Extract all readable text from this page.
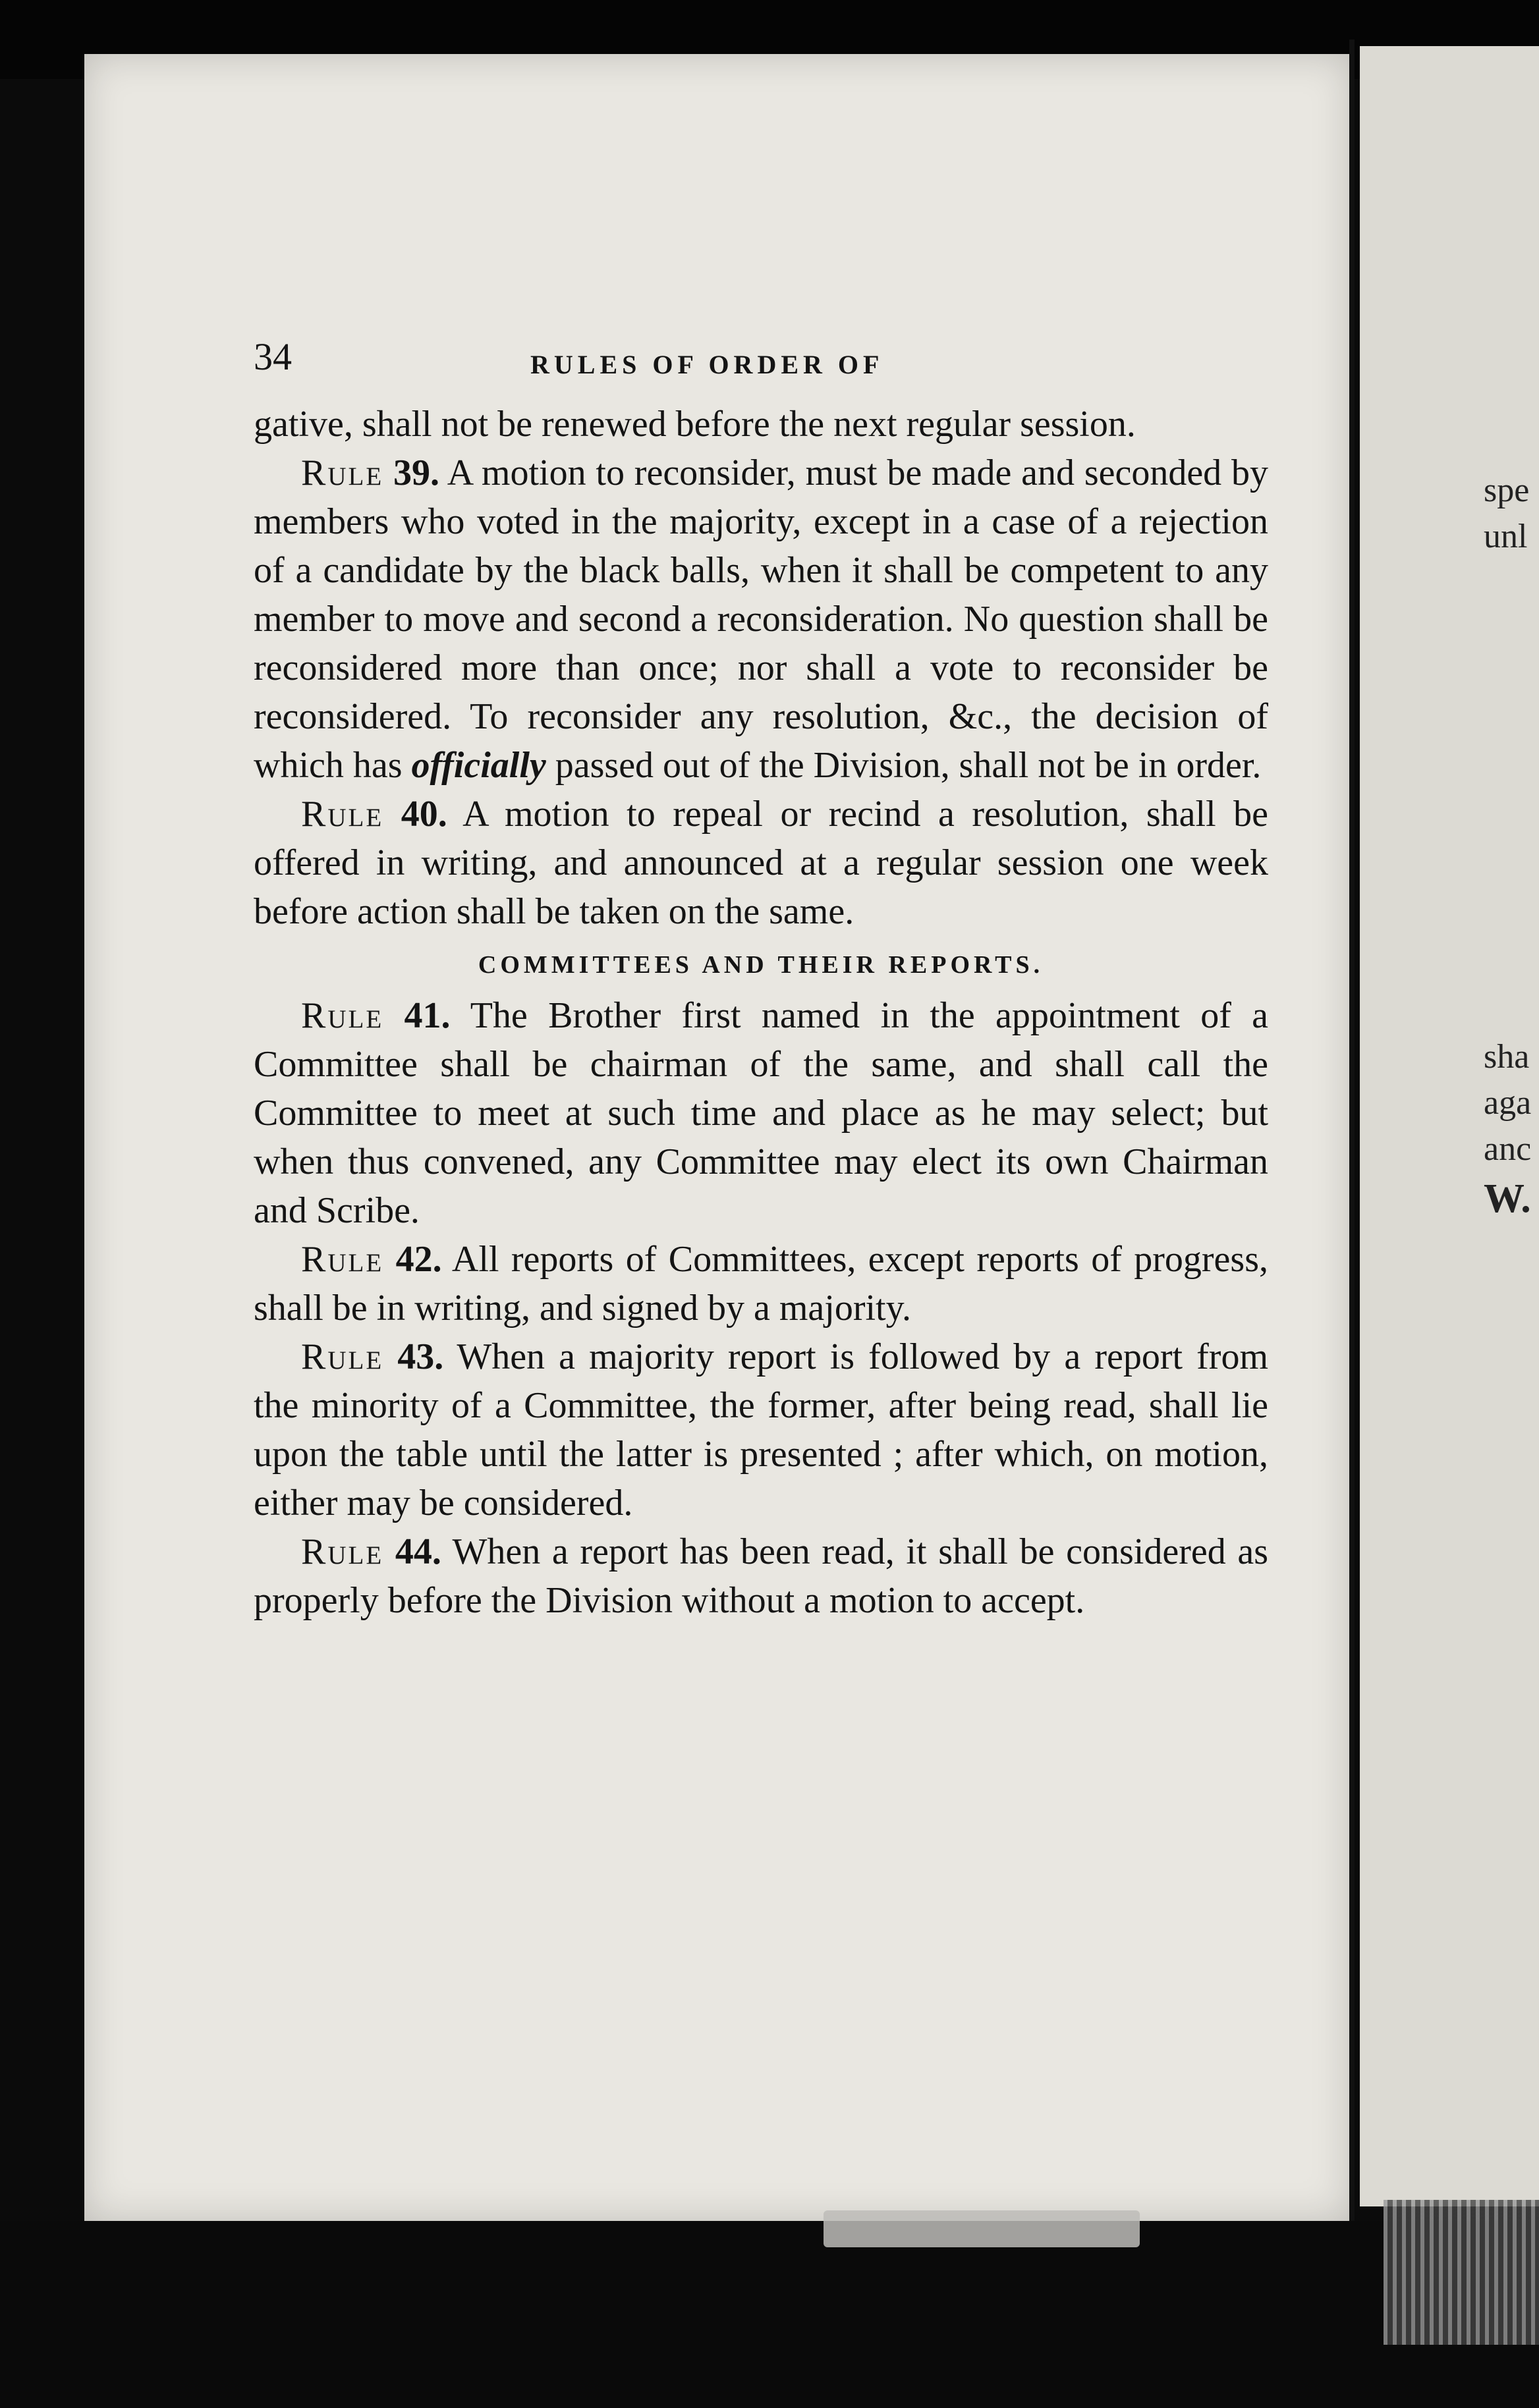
spe
unl
sha
aga
anc
W.
34	RULES OF ORDER OF

gative, shall not be renewed before the next regular session.

Rule 39. A motion to reconsider, must be made and seconded by members who voted in the majority, except in a case of a rejection of a candidate by the black balls, when it shall be competent to any member to move and second a reconsideration. No question shall be reconsidered more than once; nor shall a vote to reconsider be reconsidered. To reconsider any resolution, &c., the decision of which has officially passed out of the Division, shall not be in order.

Rule 40. A motion to repeal or recind a resolution, shall be offered in writing, and announced at a regular session one week before action shall be taken on the same.

COMMITTEES AND THEIR REPORTS.

Rule 41. The Brother first named in the appointment of a Committee shall be chairman of the same, and shall call the Committee to meet at such time and place as he may select; but when thus convened, any Committee may elect its own Chairman and Scribe.

Rule 42. All reports of Committees, except reports of progress, shall be in writing, and signed by a majority.

Rule 43. When a majority report is followed by a report from the minority of a Committee, the former, after being read, shall lie upon the table until the latter is presented ; after which, on motion, either may be considered.

Rule 44. When a report has been read, it shall be considered as properly before the Division without a motion to accept.
